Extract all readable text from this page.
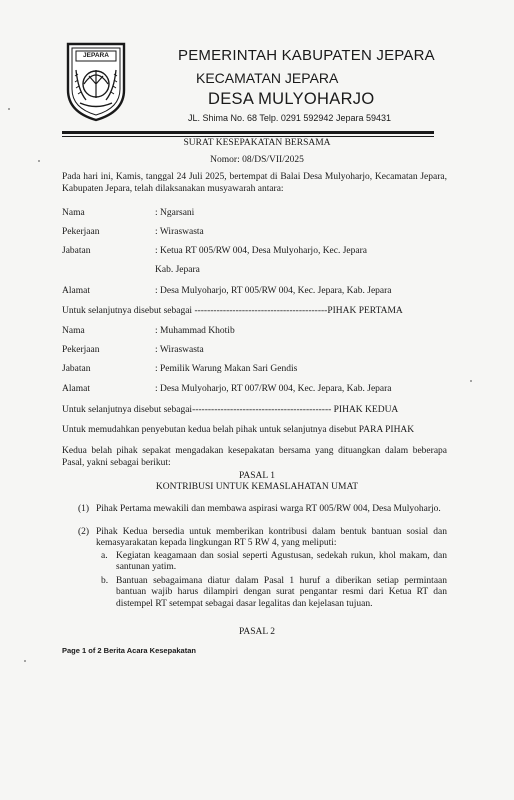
JEPARA	PEMERINTAH KABUPATEN JEPARA
KECAMATAN JEPARA
DESA MULYOHARJO
JL. Shima No. 68 Telp. 0291 592942 Jepara 59431
SURAT KESEPAKATAN BERSAMA
Nomor: 08/DS/VII/2025
Pada hari ini, Kamis, tanggal 24 Juli 2025, bertempat di Balai Desa Mulyoharjo, Kecamatan Jepara, Kabupaten Jepara, telah dilaksanakan musyawarah antara:
Nama	: Ngarsani
Pekerjaan	: Wiraswasta
Jabatan	: Ketua RT 005/RW 004, Desa Mulyoharjo, Kec. Jepara
Kab. Jepara
Alamat	: Desa Mulyoharjo, RT 005/RW 004, Kec. Jepara, Kab. Jepara
Untuk selanjutnya disebut sebagai ------------------------------------------PIHAK PERTAMA
Nama	: Muhammad Khotib
Pekerjaan	: Wiraswasta
Jabatan	: Pemilik Warung Makan Sari Gendis
Alamat	: Desa Mulyoharjo, RT 007/RW 004, Kec. Jepara, Kab. Jepara
Untuk selanjutnya disebut sebagai-------------------------------------------- PIHAK KEDUA
Untuk memudahkan penyebutan kedua belah pihak untuk selanjutnya disebut PARA PIHAK
Kedua belah pihak sepakat mengadakan kesepakatan bersama yang dituangkan dalam beberapa Pasal, yakni sebagai berikut:
PASAL 1
KONTRIBUSI UNTUK KEMASLAHATAN UMAT
(1) Pihak Pertama mewakili dan membawa aspirasi warga RT 005/RW 004, Desa Mulyoharjo.
(2) Pihak Kedua bersedia untuk memberikan kontribusi dalam bentuk bantuan sosial dan kemasyarakatan kepada lingkungan RT 5 RW 4, yang meliputi:
a. Kegiatan keagamaan dan sosial seperti Agustusan, sedekah rukun, khol makam, dan santunan yatim.
b. Bantuan sebagaimana diatur dalam Pasal 1 huruf a diberikan setiap permintaan bantuan wajib harus dilampiri dengan surat pengantar resmi dari Ketua RT dan distempel RT setempat sebagai dasar legalitas dan kejelasan tujuan.
PASAL 2
Page 1 of 2 Berita Acara Kesepakatan
